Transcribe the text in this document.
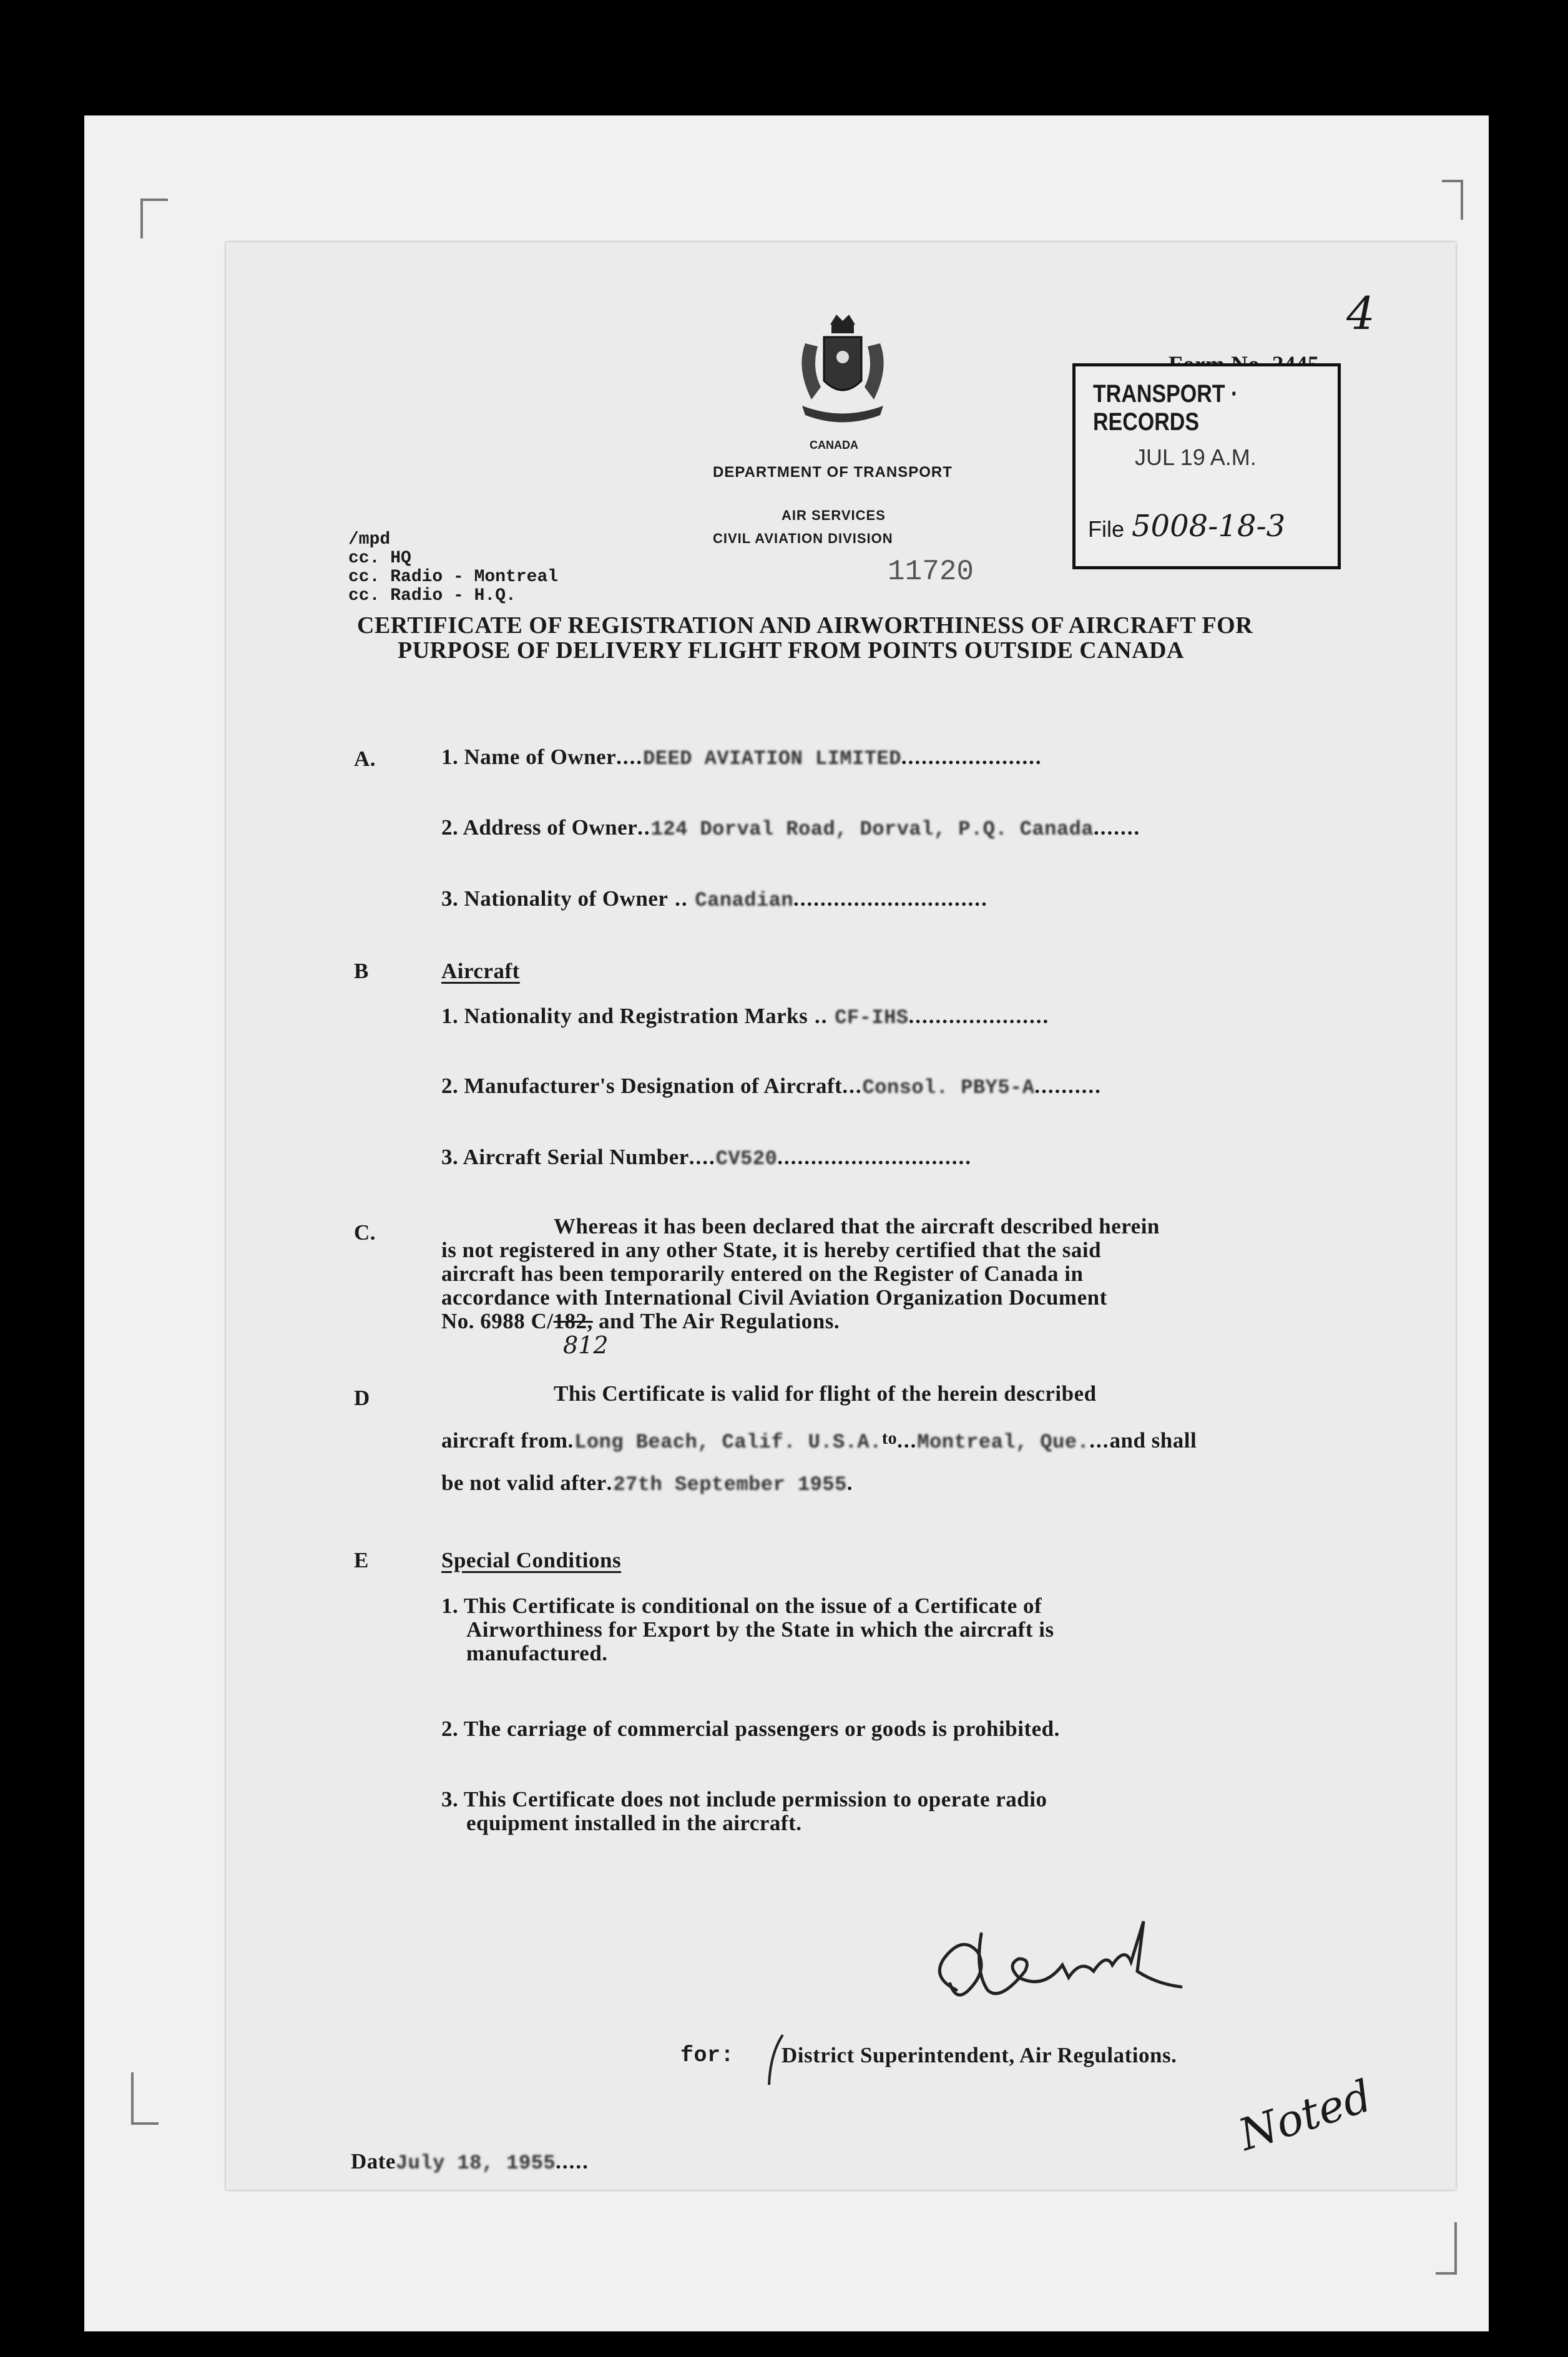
4
CANADA
DEPARTMENT OF TRANSPORT
AIR SERVICES
CIVIL AVIATION DIVISION
11720
TRANSPORT · RECORDS
JUL 19 A.M.
File 5008-18-3
/mpd
cc. HQ
cc. Radio - Montreal
cc. Radio - H.Q.
CERTIFICATE OF REGISTRATION AND AIRWORTHINESS OF AIRCRAFT FOR
PURPOSE OF DELIVERY FLIGHT FROM POINTS OUTSIDE CANADA
A.	1. Name of Owner....DEED AVIATION LIMITED.....................
2. Address of Owner..124 Dorval Road, Dorval, P.Q. Canada.......
3. Nationality of Owner .. Canadian.............................
B	Aircraft
1. Nationality and Registration Marks .. CF-IHS.....................
2. Manufacturer's Designation of Aircraft...Consol. PBY5-A..........
3. Aircraft Serial Number....CV520.............................
C.	Whereas it has been declared that the aircraft described herein
is not registered in any other State, it is hereby certified that the said
aircraft has been temporarily entered on the Register of Canada in
accordance with International Civil Aviation Organization Document
No. 6988 C/182, and The Air Regulations.
812
D	This Certificate is valid for flight of the herein described
aircraft from.Long Beach, Calif. U.S.A.to...Montreal, Que....and shall
be not valid after.27th September 1955.
E	Special Conditions
1. This Certificate is conditional on the issue of a Certificate of
Airworthiness for Export by the State in which the aircraft is
manufactured.
2. The carriage of commercial passengers or goods is prohibited.
3. This Certificate does not include permission to operate radio
equipment installed in the aircraft.
for: District Superintendent, Air Regulations.
Noted
DateJuly 18, 1955.....
